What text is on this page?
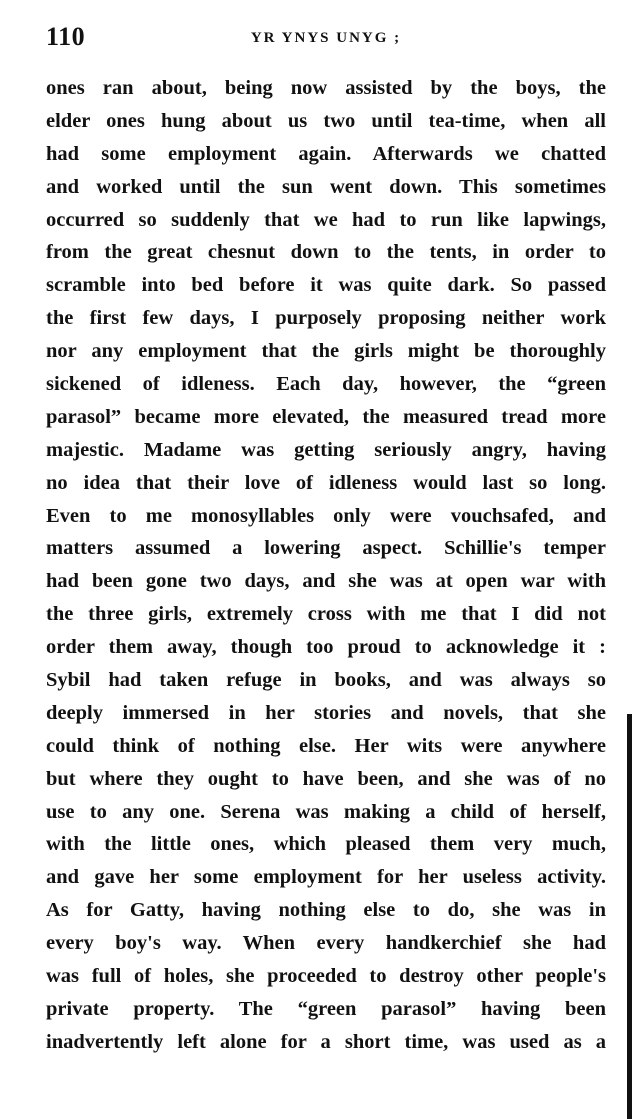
110	YR YNYS UNYG ;
ones ran about, being now assisted by the boys, the
elder ones hung about us two until tea-time, when all
had some employment again. Afterwards we chatted
and worked until the sun went down. This sometimes
occurred so suddenly that we had to run like lapwings,
from the great chesnut down to the tents, in order to
scramble into bed before it was quite dark. So passed
the first few days, I purposely proposing neither work
nor any employment that the girls might be thoroughly
sickened of idleness. Each day, however, the “green
parasol” became more elevated, the measured tread more
majestic. Madame was getting seriously angry, having
no idea that their love of idleness would last so long.
Even to me monosyllables only were vouchsafed, and
matters assumed a lowering aspect. Schillie's temper
had been gone two days, and she was at open war with
the three girls, extremely cross with me that I did not
order them away, though too proud to acknowledge it :
Sybil had taken refuge in books, and was always so
deeply immersed in her stories and novels, that she
could think of nothing else. Her wits were anywhere
but where they ought to have been, and she was of no
use to any one. Serena was making a child of herself,
with the little ones, which pleased them very much,
and gave her some employment for her useless activity.
As for Gatty, having nothing else to do, she was in
every boy's way. When every handkerchief she had
was full of holes, she proceeded to destroy other people's
private property. The “green parasol” having been
inadvertently left alone for a short time, was used as a
